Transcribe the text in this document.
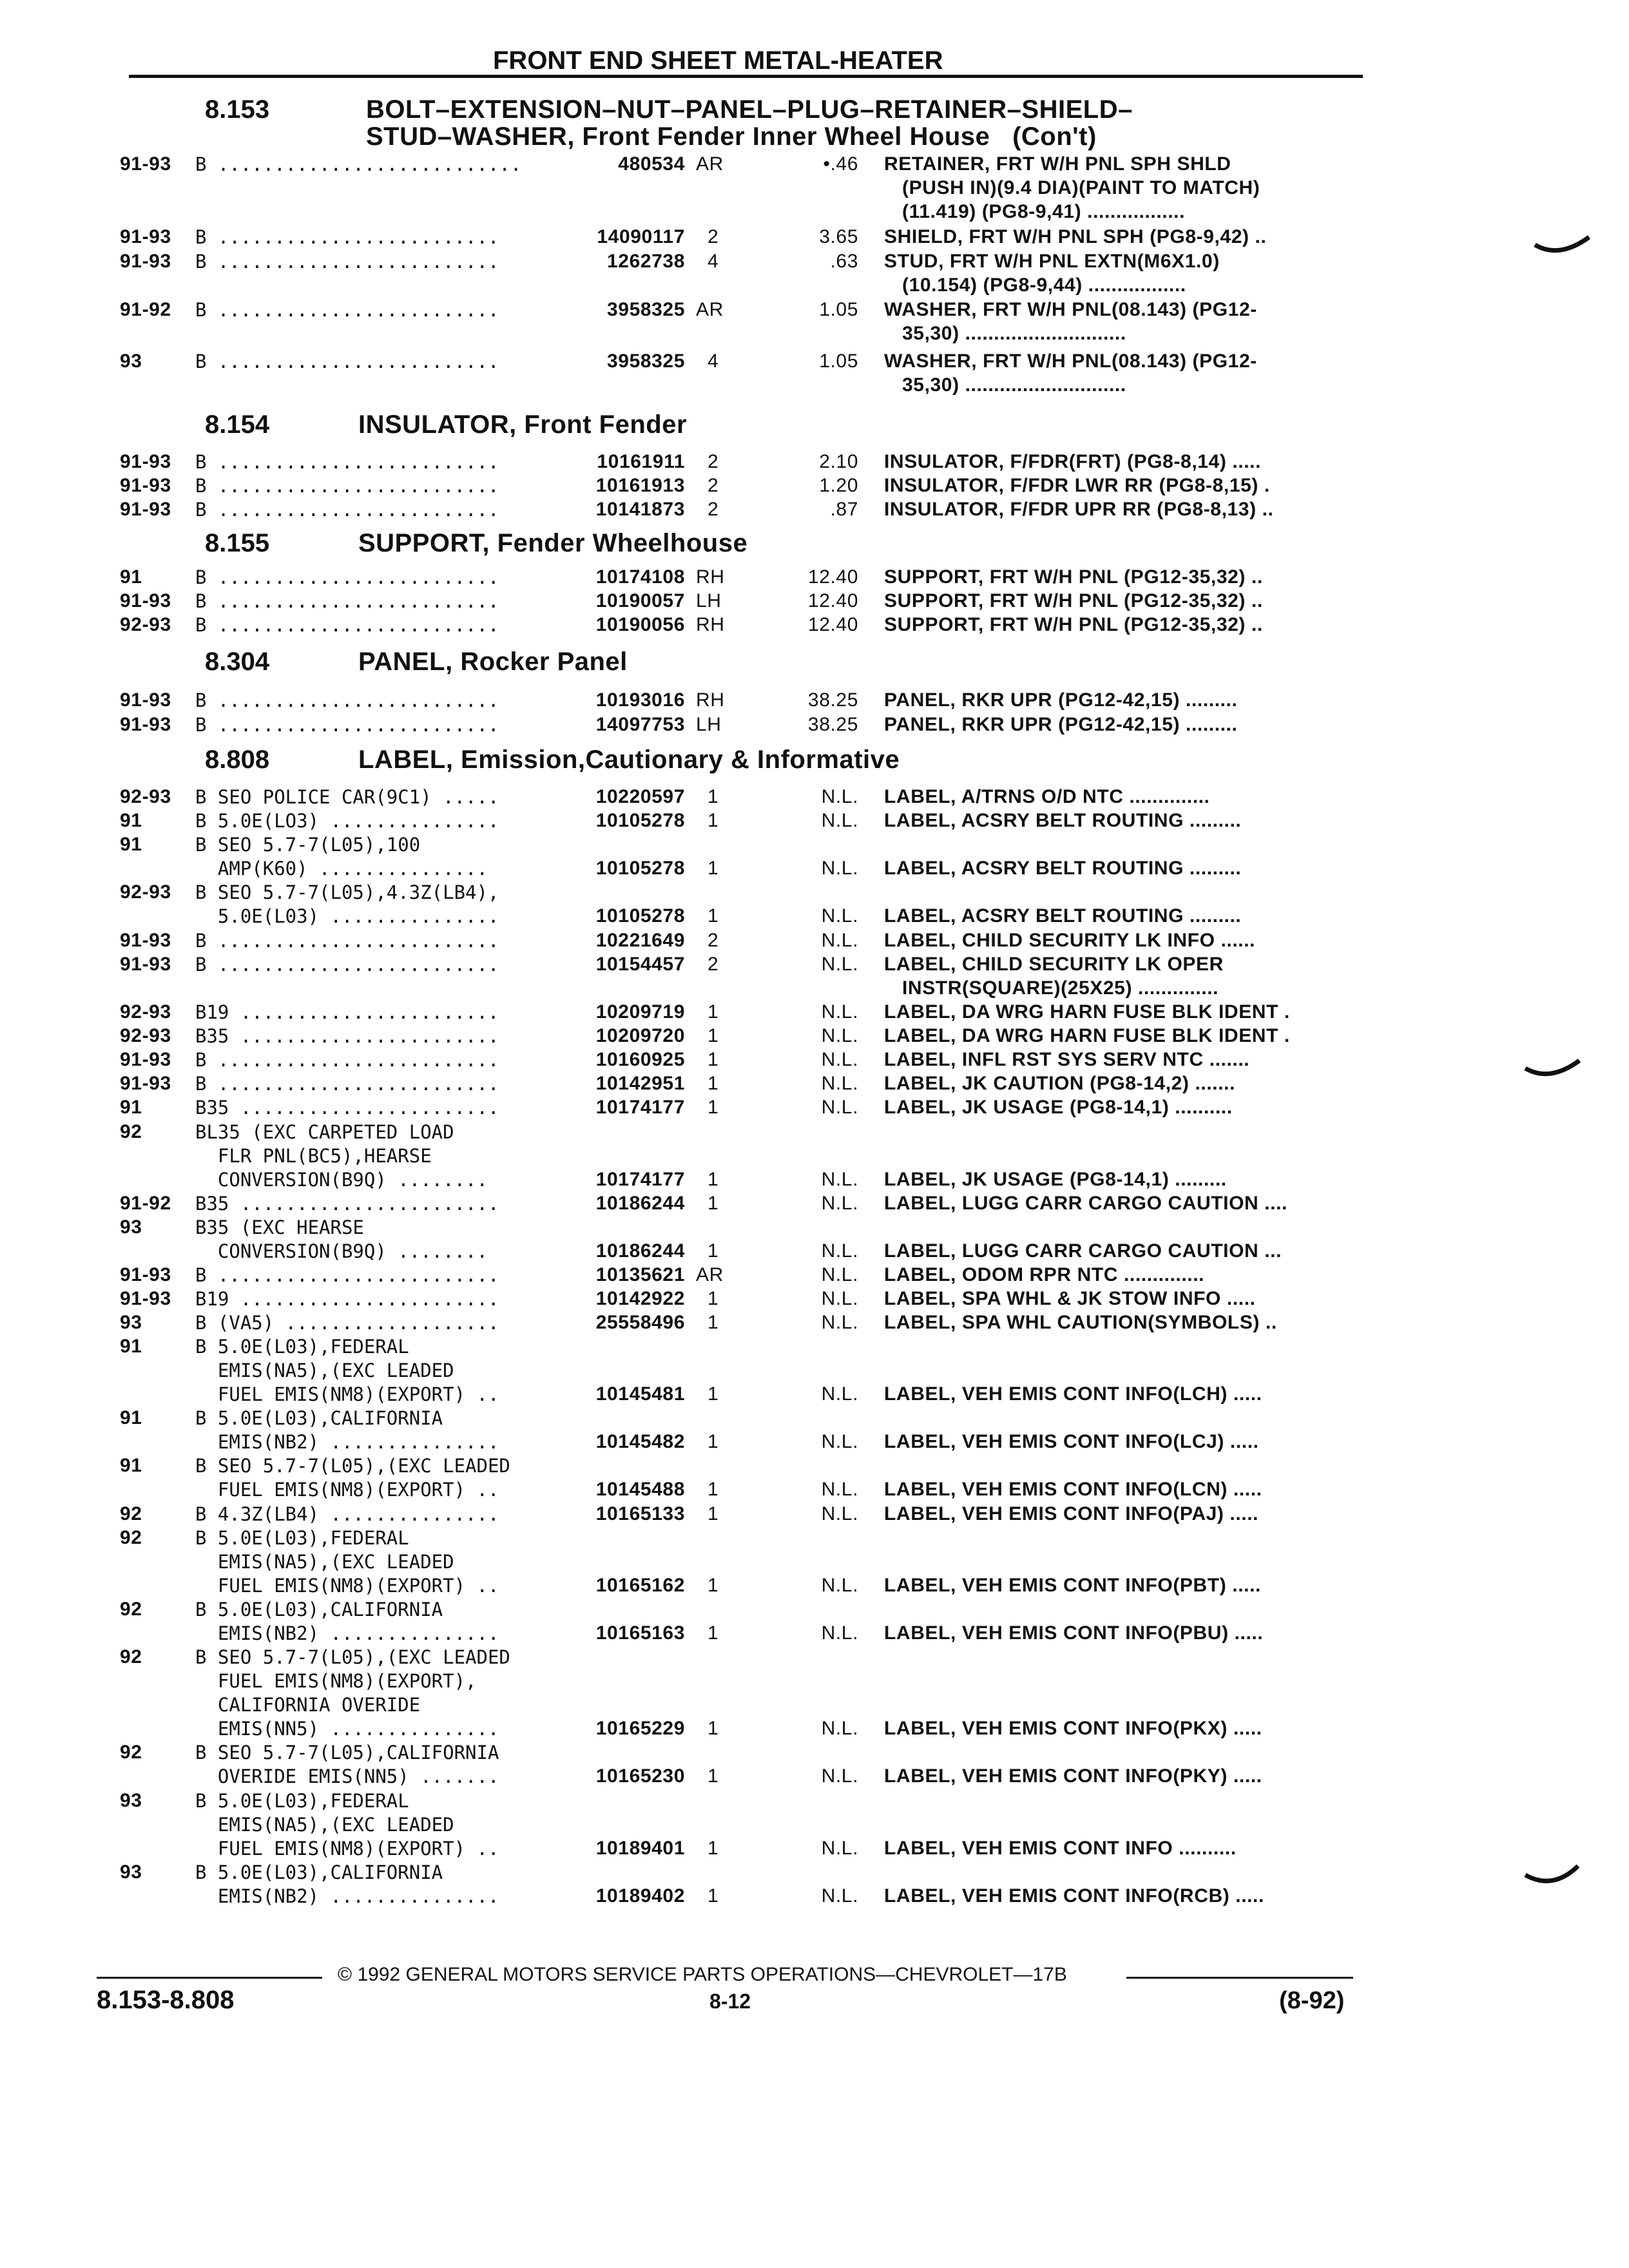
FRONT END SHEET METAL-HEATER
8.153	BOLT–EXTENSION–NUT–PANEL–PLUG–RETAINER–SHIELD–
STUD–WASHER, Front Fender Inner Wheel House   (Con't)
91-93 B ...........................	480534 AR	•.46 RETAINER, FRT W/H PNL SPH SHLD
(PUSH IN)(9.4 DIA)(PAINT TO MATCH)
(11.419) (PG8-9,41) .................
91-93 B .........................	14090117 2	3.65 SHIELD, FRT W/H PNL SPH (PG8-9,42) ..
91-93 B .........................	1262738 4	.63 STUD, FRT W/H PNL EXTN(M6X1.0)
(10.154) (PG8-9,44) .................
91-92 B .........................	3958325 AR	1.05 WASHER, FRT W/H PNL(08.143) (PG12-
35,30) ............................
93	B .........................	3958325 4	1.05 WASHER, FRT W/H PNL(08.143) (PG12-
35,30) ............................
8.154	INSULATOR, Front Fender
91-93 B .........................	10161911 2	2.10 INSULATOR, F/FDR(FRT) (PG8-8,14) .....
91-93 B .........................	10161913 2	1.20 INSULATOR, F/FDR LWR RR (PG8-8,15) .
91-93 B .........................	10141873 2	.87 INSULATOR, F/FDR UPR RR (PG8-8,13) ..
8.155	SUPPORT, Fender Wheelhouse
91	B .........................	10174108 RH	12.40 SUPPORT, FRT W/H PNL (PG12-35,32) ..
91-93 B .........................	10190057 LH	12.40 SUPPORT, FRT W/H PNL (PG12-35,32) ..
92-93 B .........................	10190056 RH	12.40 SUPPORT, FRT W/H PNL (PG12-35,32) ..
8.304	PANEL, Rocker Panel
91-93 B .........................	10193016 RH	38.25 PANEL, RKR UPR (PG12-42,15) .........
91-93 B .........................	14097753 LH	38.25 PANEL, RKR UPR (PG12-42,15) .........
8.808	LABEL, Emission,Cautionary & Informative
92-93 B SEO POLICE CAR(9C1) .....	10220597 1	N.L. LABEL, A/TRNS O/D NTC ..............
91	B 5.0E(LO3) ...............	10105278 1	N.L. LABEL, ACSRY BELT ROUTING .........
91	B SEO 5.7-7(L05),100
AMP(K60) ...............	10105278 1	N.L. LABEL, ACSRY BELT ROUTING .........
92-93 B SEO 5.7-7(L05),4.3Z(LB4),
5.0E(L03) ...............	10105278 1	N.L. LABEL, ACSRY BELT ROUTING .........
91-93 B .........................	10221649 2	N.L. LABEL, CHILD SECURITY LK INFO ......
91-93 B .........................	10154457 2	N.L. LABEL, CHILD SECURITY LK OPER
INSTR(SQUARE)(25X25) ..............
92-93 B19 .......................	10209719 1	N.L. LABEL, DA WRG HARN FUSE BLK IDENT .
92-93 B35 .......................	10209720 1	N.L. LABEL, DA WRG HARN FUSE BLK IDENT .
91-93 B .........................	10160925 1	N.L. LABEL, INFL RST SYS SERV NTC .......
91-93 B .........................	10142951 1	N.L. LABEL, JK CAUTION (PG8-14,2) .......
91	B35 .......................	10174177 1	N.L. LABEL, JK USAGE (PG8-14,1) ..........
92	BL35 (EXC CARPETED LOAD
FLR PNL(BC5),HEARSE
CONVERSION(B9Q) ........	10174177 1	N.L. LABEL, JK USAGE (PG8-14,1) .........
91-92 B35 .......................	10186244 1	N.L. LABEL, LUGG CARR CARGO CAUTION ....
93	B35 (EXC HEARSE
CONVERSION(B9Q) ........	10186244 1	N.L. LABEL, LUGG CARR CARGO CAUTION ...
91-93 B .........................	10135621 AR	N.L. LABEL, ODOM RPR NTC ..............
91-93 B19 .......................	10142922 1	N.L. LABEL, SPA WHL & JK STOW INFO .....
93	B (VA5) ...................	25558496 1	N.L. LABEL, SPA WHL CAUTION(SYMBOLS) ..
91	B 5.0E(L03),FEDERAL
EMIS(NA5),(EXC LEADED
FUEL EMIS(NM8)(EXPORT) ..	10145481 1	N.L. LABEL, VEH EMIS CONT INFO(LCH) .....
91	B 5.0E(L03),CALIFORNIA
EMIS(NB2) ...............	10145482 1	N.L. LABEL, VEH EMIS CONT INFO(LCJ) .....
91	B SEO 5.7-7(L05),(EXC LEADED
FUEL EMIS(NM8)(EXPORT) ..	10145488 1	N.L. LABEL, VEH EMIS CONT INFO(LCN) .....
92	B 4.3Z(LB4) ...............	10165133 1	N.L. LABEL, VEH EMIS CONT INFO(PAJ) .....
92	B 5.0E(L03),FEDERAL
EMIS(NA5),(EXC LEADED
FUEL EMIS(NM8)(EXPORT) ..	10165162 1	N.L. LABEL, VEH EMIS CONT INFO(PBT) .....
92	B 5.0E(L03),CALIFORNIA
EMIS(NB2) ...............	10165163 1	N.L. LABEL, VEH EMIS CONT INFO(PBU) .....
92	B SEO 5.7-7(L05),(EXC LEADED
FUEL EMIS(NM8)(EXPORT),
CALIFORNIA OVERIDE
EMIS(NN5) ...............	10165229 1	N.L. LABEL, VEH EMIS CONT INFO(PKX) .....
92	B SEO 5.7-7(L05),CALIFORNIA
OVERIDE EMIS(NN5) .......	10165230 1	N.L. LABEL, VEH EMIS CONT INFO(PKY) .....
93	B 5.0E(L03),FEDERAL
EMIS(NA5),(EXC LEADED
FUEL EMIS(NM8)(EXPORT) ..	10189401 1	N.L. LABEL, VEH EMIS CONT INFO ..........
93	B 5.0E(L03),CALIFORNIA
EMIS(NB2) ...............	10189402 1	N.L. LABEL, VEH EMIS CONT INFO(RCB) .....
© 1992 GENERAL MOTORS SERVICE PARTS OPERATIONS—CHEVROLET—17B
8.153-8.808	8-12	(8-92)
